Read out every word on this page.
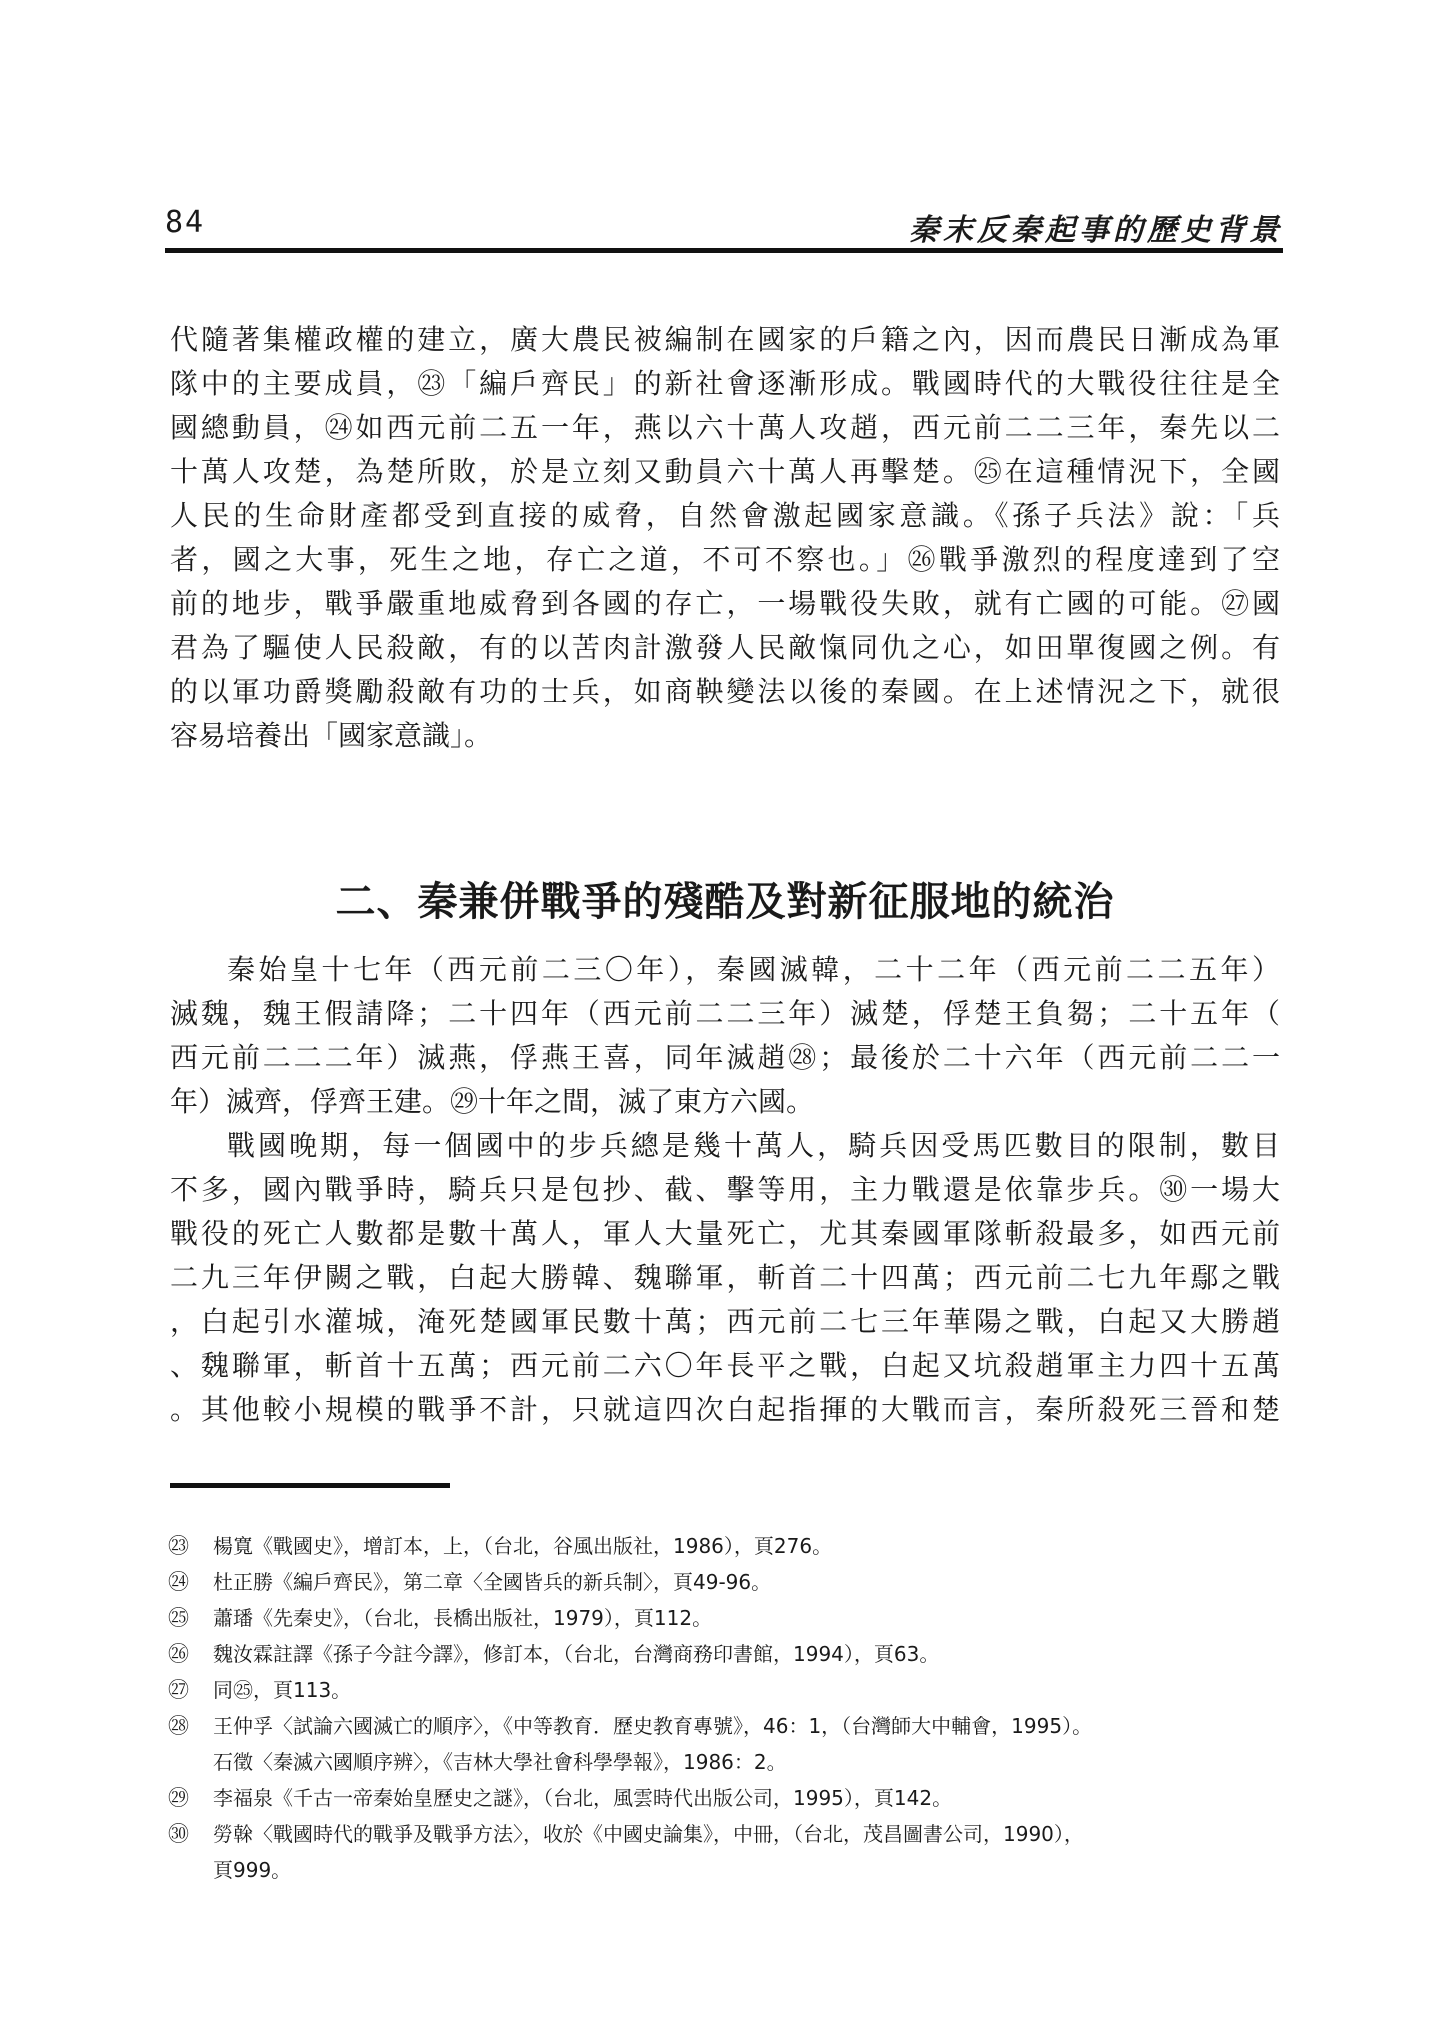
84	秦末反秦起事的歷史背景

代隨著集權政權的建立，廣大農民被編制在國家的戶籍之內，因而農民日漸成為軍
隊中的主要成員，㉓「編戶齊民」的新社會逐漸形成。戰國時代的大戰役往往是全
國總動員，㉔如西元前二五一年，燕以六十萬人攻趙，西元前二二三年，秦先以二
十萬人攻楚，為楚所敗，於是立刻又動員六十萬人再擊楚。㉕在這種情況下，全國
人民的生命財產都受到直接的威脅，自然會激起國家意識。《孫子兵法》說：「兵
者，國之大事，死生之地，存亡之道，不可不察也。」㉖戰爭激烈的程度達到了空
前的地步，戰爭嚴重地威脅到各國的存亡，一場戰役失敗，就有亡國的可能。㉗國
君為了驅使人民殺敵，有的以苦肉計激發人民敵愾同仇之心，如田單復國之例。有
的以軍功爵獎勵殺敵有功的士兵，如商鞅變法以後的秦國。在上述情況之下，就很
容易培養出「國家意識」。

二、秦兼併戰爭的殘酷及對新征服地的統治

秦始皇十七年（西元前二三〇年），秦國滅韓，二十二年（西元前二二五年）
滅魏，魏王假請降；二十四年（西元前二二三年）滅楚，俘楚王負芻；二十五年（
西元前二二二年）滅燕，俘燕王喜，同年滅趙㉘；最後於二十六年（西元前二二一
年）滅齊，俘齊王建。㉙十年之間，滅了東方六國。

戰國晚期，每一個國中的步兵總是幾十萬人，騎兵因受馬匹數目的限制，數目
不多，國內戰爭時，騎兵只是包抄、截、擊等用，主力戰還是依靠步兵。㉚一場大
戰役的死亡人數都是數十萬人，軍人大量死亡，尤其秦國軍隊斬殺最多，如西元前
二九三年伊闕之戰，白起大勝韓、魏聯軍，斬首二十四萬；西元前二七九年鄢之戰
，白起引水灌城，淹死楚國軍民數十萬；西元前二七三年華陽之戰，白起又大勝趙
、魏聯軍，斬首十五萬；西元前二六〇年長平之戰，白起又坑殺趙軍主力四十五萬
。其他較小規模的戰爭不計，只就這四次白起指揮的大戰而言，秦所殺死三晉和楚

㉓ 楊寬《戰國史》，增訂本，上，（台北，谷風出版社，1986），頁276。

㉔ 杜正勝《編戶齊民》，第二章〈全國皆兵的新兵制〉，頁49-96。

㉕ 蕭璠《先秦史》，（台北，長橋出版社，1979），頁112。

㉖ 魏汝霖註譯《孫子今註今譯》，修訂本，（台北，台灣商務印書館，1994），頁63。

㉗ 同㉕，頁113。

㉘ 王仲孚〈試論六國滅亡的順序〉，《中等教育．歷史教育專號》，46：1，（台灣師大中輔會，1995）。
石徵〈秦滅六國順序辨〉，《吉林大學社會科學學報》，1986：2。

㉙ 李福泉《千古一帝秦始皇歷史之謎》，（台北，風雲時代出版公司，1995），頁142。

㉚ 勞榦〈戰國時代的戰爭及戰爭方法〉，收於《中國史論集》，中冊，（台北，茂昌圖書公司，1990），
頁999。
